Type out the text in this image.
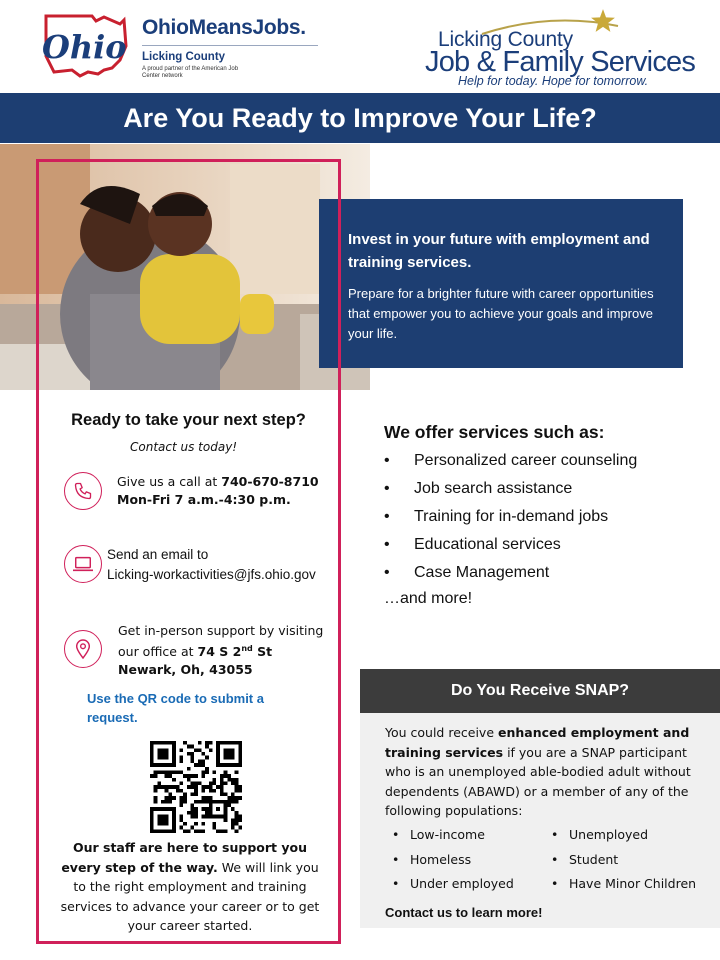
Ohio
OhioMeansJobs.
Licking County
A proud partner of the American Job Center network
Licking County
Job & Family Services
Help for today. Hope for tomorrow.
Are You Ready to Improve Your Life?
Invest in your future with employment and training services.

Prepare for a brighter future with career opportunities that empower you to achieve your goals and improve your life.

Ready to take your next step?
Contact us today!
Give us a call at 740-670-8710
Mon-Fri 7 a.m.-4:30 p.m.
Send an email to
Licking-workactivities@jfs.ohio.gov
Get in-person support by visiting our office at 74 S 2nd St
Newark, Oh, 43055
Use the QR code to submit a request.
Our staff are here to support you every step of the way. We will link you to the right employment and training services to advance your career or to get your career started.
We offer services such as:
• Personalized career counseling
• Job search assistance
• Training for in-demand jobs
• Educational services
• Case Management
…and more!
Do You Receive SNAP?
You could receive enhanced employment and training services if you are a SNAP participant who is an unemployed able-bodied adult without dependents (ABAWD) or a member of any of the following populations:
• Low-income
• Homeless
• Under employed
• Unemployed
• Student
• Have Minor Children
Contact us to learn more!
